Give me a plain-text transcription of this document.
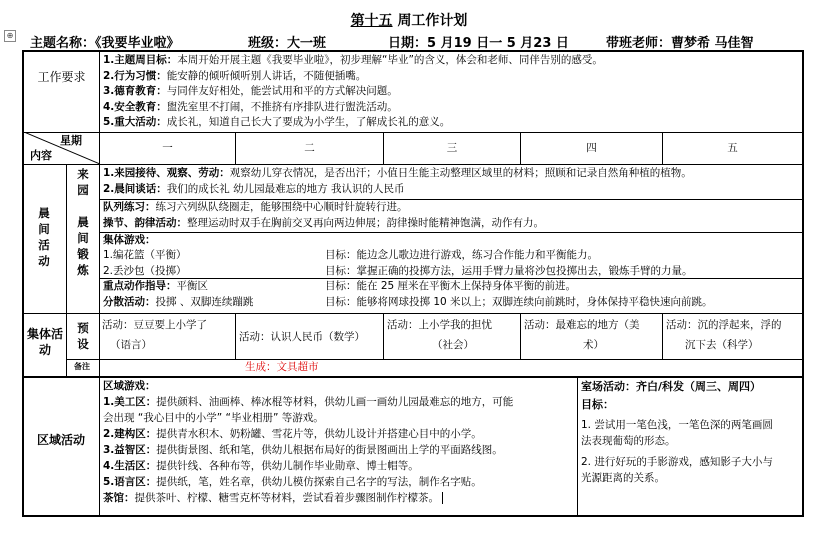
第十五 周工作计划
⊕
主题名称：《我要毕业啦》	班级：大一班	日期：5 月19 日一 5 月23 日	带班老师：曹梦希 马佳智
工作要求
1.主题周目标：本周开始开展主题《我要毕业啦》，初步理解“毕业”的含义，体会和老师、同伴告别的感受。
2.行为习惯：能安静的倾听倾听别人讲话，不随便插嘴。
3.德育教育：与同伴友好相处，能尝试用和平的方式解决问题。
4.安全教育：盥洗室里不打闹，不推挤有序排队进行盥洗活动。
5.重大活动：成长礼，知道自己长大了要成为小学生，了解成长礼的意义。
星期
内容
一	二	三	四	五
晨
间
活
动
来
园
晨
间
锻
炼
1.来园接待、观察、劳动：观察幼儿穿衣情况，是否出汗；小值日生能主动整理区域里的材料；照顾和记录自然角种植的植物。
2.晨间谈话：我们的成长礼 幼儿园最难忘的地方 我认识的人民币
队列练习：练习六列纵队绕圈走，能够围绕中心顺时针旋转行进。
操节、韵律活动：整理运动时双手在胸前交叉再向两边伸展；韵律操时能精神饱满，动作有力。
集体游戏：
1.编花篮（平衡）	目标：能边念儿歌边进行游戏，练习合作能力和平衡能力。
2.丢沙包（投掷）	目标：掌握正确的投掷方法，运用手臂力量将沙包投掷出去，锻炼手臂的力量。
重点动作指导：平衡区	目标：能在 25 厘米在平衡木上保持身体平衡的前进。
分散活动：投掷 、双脚连续蹦跳	目标：能够将网球投掷 10 米以上；双脚连续向前跳时，身体保持平稳快速向前跳。
集体活动
预
设
活动：豆豆要上小学了
（语言）
活动：认识人民币（数学）
活动：上小学我的担忧
（社会）
活动：最难忘的地方（美
术）
活动：沉的浮起来，浮的
沉下去（科学）
备注	生成：文具超市
区域活动
区域游戏：
1.美工区：提供颜料、油画棒、棒冰棍等材料，供幼儿画一画幼儿园最难忘的地方，可能
会出现 “我心目中的小学” “毕业相册” 等游戏。
2.建构区：提供青水积木、奶粉罐、雪花片等，供幼儿设计并搭建心目中的小学。
3.益智区：提供街景图、纸和笔，供幼儿根据布局好的街景图画出上学的平面路线图。
4.生活区：提供针线、各种布等，供幼儿制作毕业勋章、博士帽等。
5.语言区：提供纸，笔，姓名章，供幼儿模仿探索自己名字的写法，制作名字贴。
茶馆：提供茶叶、柠檬、糖雪克杯等材料，尝试看着步骤图制作柠檬茶。
室场活动：齐白/科发（周三、周四）
目标：
1. 尝试用一笔色浅，一笔色深的两笔画圆
法表现葡萄的形态。
2. 进行好玩的手影游戏，感知影子大小与
光源距离的关系。
